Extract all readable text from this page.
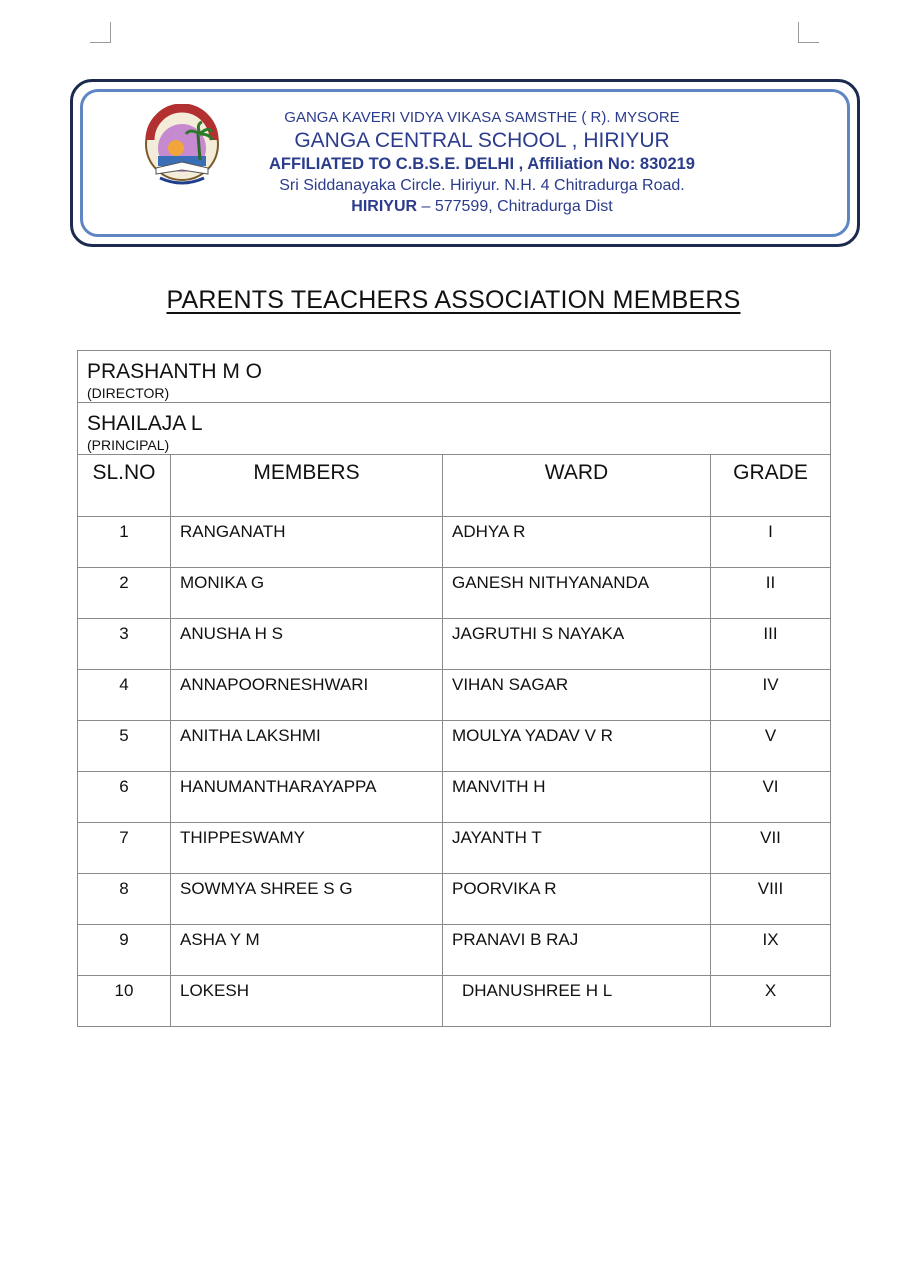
GANGA KAVERI VIDYA VIKASA SAMSTHE ( R). MYSORE
GANGA CENTRAL SCHOOL , HIRIYUR
AFFILIATED TO C.B.S.E. DELHI , Affiliation No: 830219
Sri Siddanayaka Circle. Hiriyur. N.H. 4 Chitradurga Road.
HIRIYUR – 577599, Chitradurga Dist
PARENTS TEACHERS ASSOCIATION MEMBERS
PRASHANTH M O
(DIRECTOR)			

SHAILAJA L
(PRINCIPAL)			

SL.NO	MEMBERS	WARD	GRADE
1	RANGANATH	ADHYA R	I
2	MONIKA G	GANESH NITHYANANDA	II
3	ANUSHA H S	JAGRUTHI S NAYAKA	III
4	ANNAPOORNESHWARI	VIHAN SAGAR	IV
5	ANITHA LAKSHMI	MOULYA YADAV V R	V
6	HANUMANTHARAYAPPA	MANVITH H	VI
7	THIPPESWAMY	JAYANTH T	VII
8	SOWMYA SHREE S G	POORVIKA R	VIII
9	ASHA Y M	PRANAVI B RAJ	IX
10	LOKESH	DHANUSHREE H L	X
